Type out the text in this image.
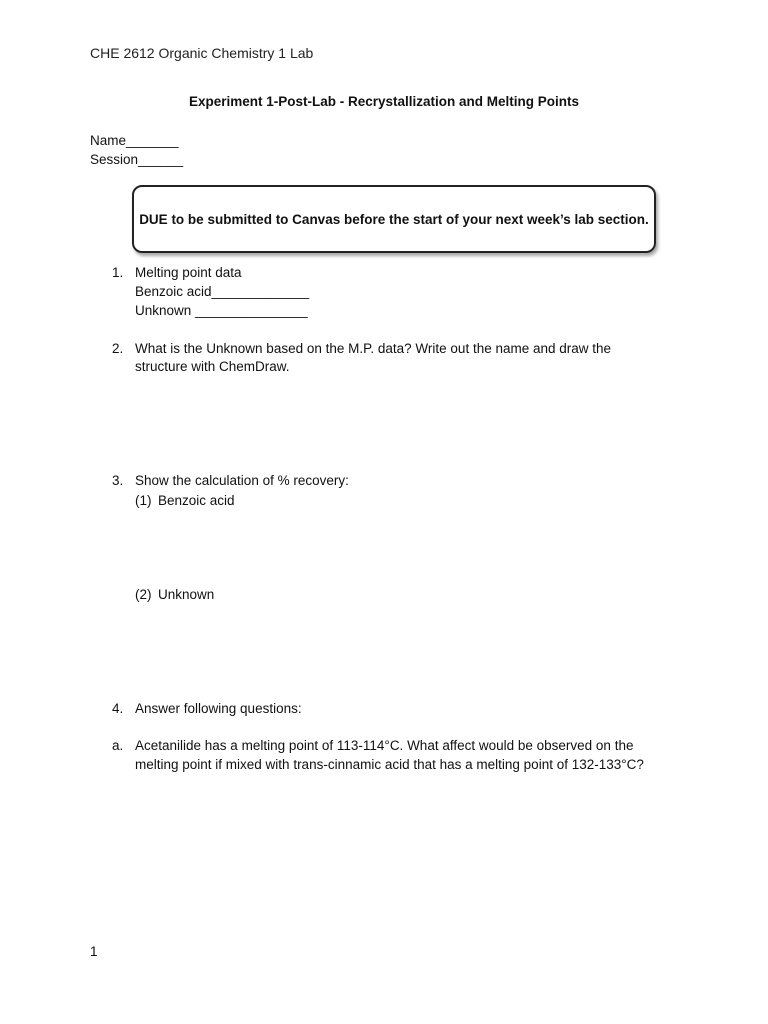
CHE 2612 Organic Chemistry 1 Lab
Experiment 1-Post-Lab - Recrystallization and Melting Points
Name_______
Session______
DUE to be submitted to Canvas before the start of your next week’s lab section.
1. Melting point data
Benzoic acid_____________
Unknown _______________
2. What is the Unknown based on the M.P. data? Write out the name and draw the
structure with ChemDraw.
3. Show the calculation of % recovery:
(1) Benzoic acid
(2) Unknown
4. Answer following questions:
a. Acetanilide has a melting point of 113-114°C. What affect would be observed on the
melting point if mixed with trans-cinnamic acid that has a melting point of 132-133°C?
1
